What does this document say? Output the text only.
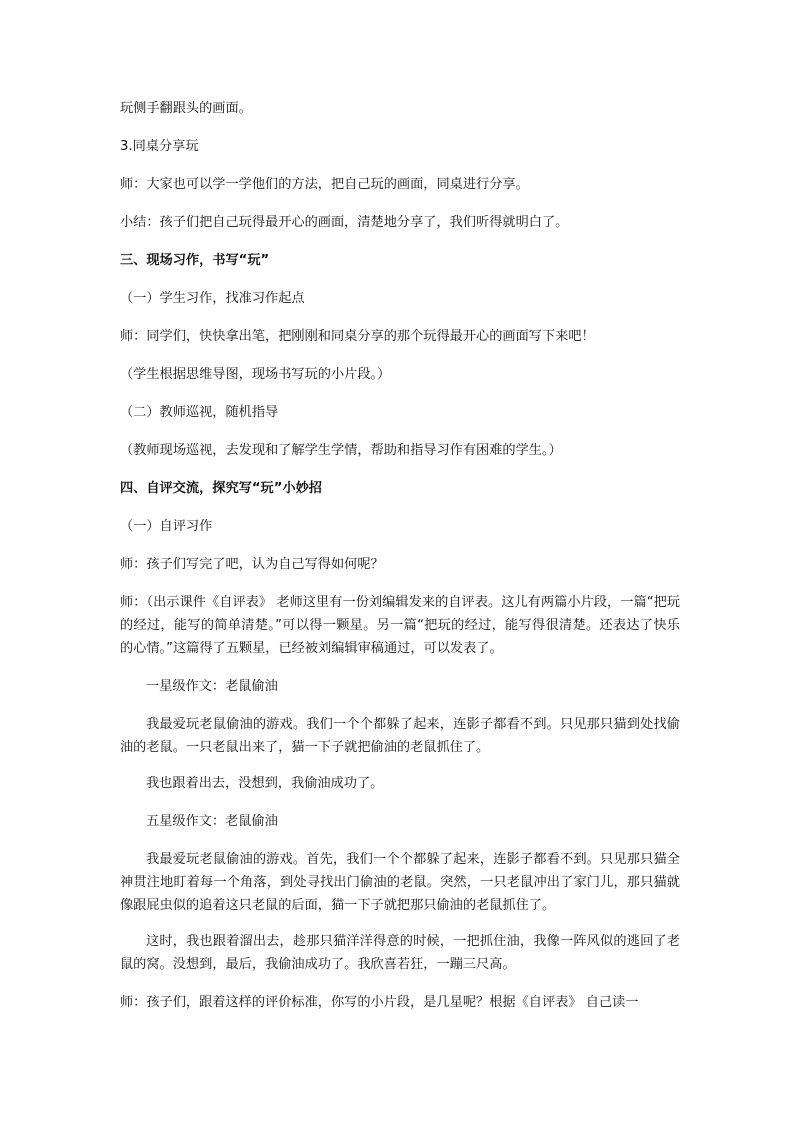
玩侧手翻跟头的画面。

3.同桌分享玩

师：大家也可以学一学他们的方法，把自己玩的画面，同桌进行分享。

小结：孩子们把自己玩得最开心的画面，清楚地分享了，我们听得就明白了。

三、现场习作，书写“玩”

（一）学生习作，找准习作起点

师：同学们，快快拿出笔，把刚刚和同桌分享的那个玩得最开心的画面写下来吧！

（学生根据思维导图，现场书写玩的小片段。）

（二）教师巡视，随机指导

（教师现场巡视，去发现和了解学生学情，帮助和指导习作有困难的学生。）

四、自评交流，探究写“玩”小妙招

（一）自评习作

师：孩子们写完了吧，认为自己写得如何呢？

师：（出示课件《自评表》 老师这里有一份刘编辑发来的自评表。这儿有两篇小片段，一篇“把玩的经过，能写的简单清楚。”可以得一颗星。另一篇“把玩的经过，能写得很清楚。还表达了快乐的心情。”这篇得了五颗星，已经被刘编辑审稿通过，可以发表了。

一星级作文：老鼠偷油

我最爱玩老鼠偷油的游戏。我们一个个都躲了起来，连影子都看不到。只见那只猫到处找偷油的老鼠。一只老鼠出来了，猫一下子就把偷油的老鼠抓住了。

我也跟着出去，没想到，我偷油成功了。

五星级作文：老鼠偷油

我最爱玩老鼠偷油的游戏。首先，我们一个个都躲了起来，连影子都看不到。只见那只猫全神贯注地盯着每一个角落，到处寻找出门偷油的老鼠。突然，一只老鼠冲出了家门儿，那只猫就像跟屁虫似的追着这只老鼠的后面，猫一下子就把那只偷油的老鼠抓住了。

这时，我也跟着溜出去，趁那只猫洋洋得意的时候，一把抓住油，我像一阵风似的逃回了老鼠的窝。没想到，最后，我偷油成功了。我欣喜若狂，一蹦三尺高。

师：孩子们，跟着这样的评价标准，你写的小片段，是几星呢？根据《自评表》 自己读一
